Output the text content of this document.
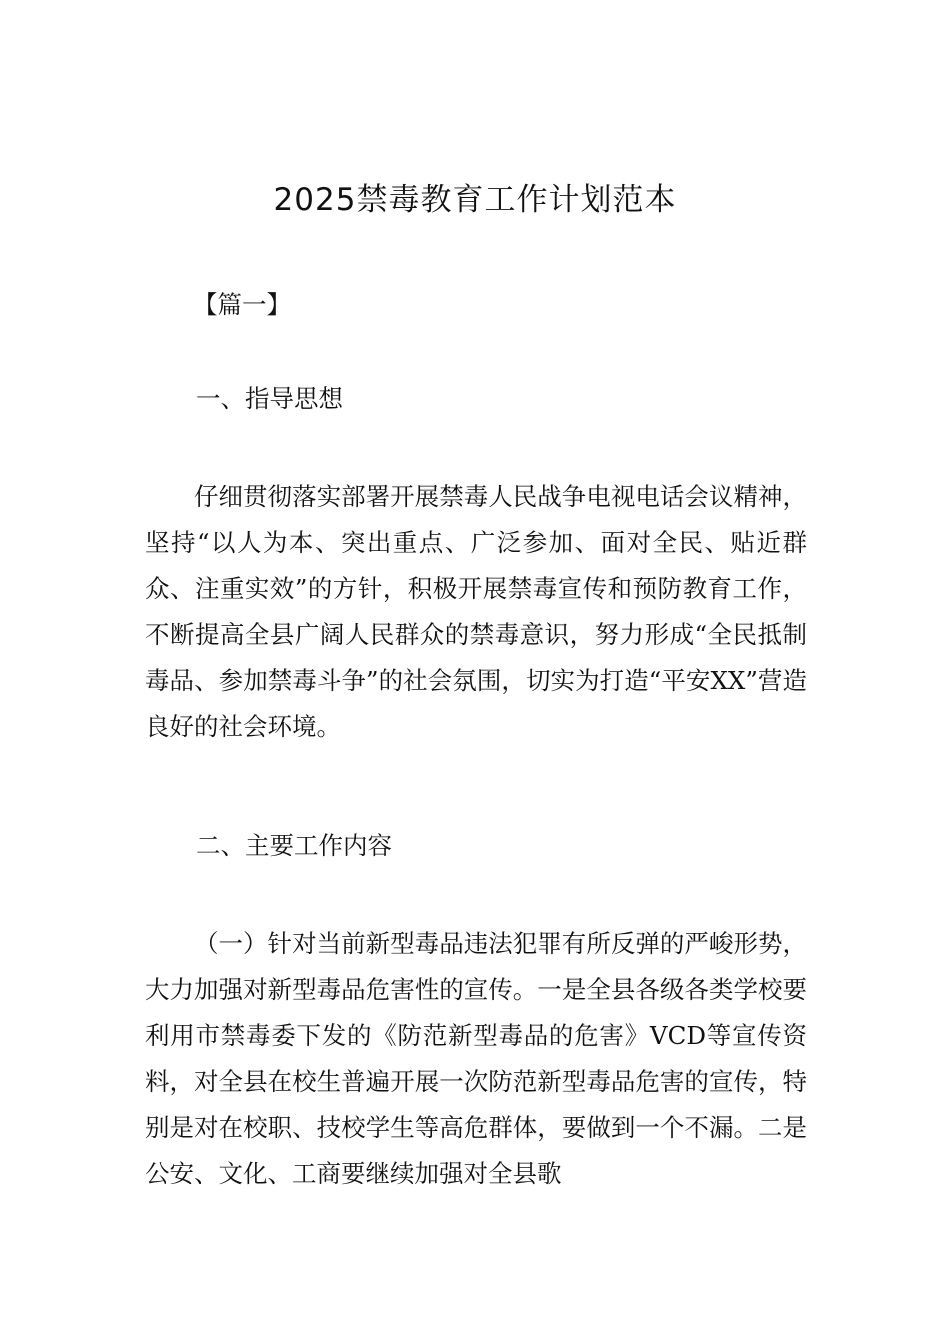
2025禁毒教育工作计划范本

【篇一】

一、指导思想

仔细贯彻落实部署开展禁毒人民战争电视电话会议精神，坚持“以人为本、突出重点、广泛参加、面对全民、贴近群众、注重实效”的方针，积极开展禁毒宣传和预防教育工作，不断提高全县广阔人民群众的禁毒意识，努力形成“全民抵制毒品、参加禁毒斗争”的社会氛围，切实为打造“平安XX”营造良好的社会环境。

二、主要工作内容

（一）针对当前新型毒品违法犯罪有所反弹的严峻形势，大力加强对新型毒品危害性的宣传。一是全县各级各类学校要利用市禁毒委下发的《防范新型毒品的危害》VCD等宣传资料，对全县在校生普遍开展一次防范新型毒品危害的宣传，特别是对在校职、技校学生等高危群体，要做到一个不漏。二是公安、文化、工商要继续加强对全县歌
